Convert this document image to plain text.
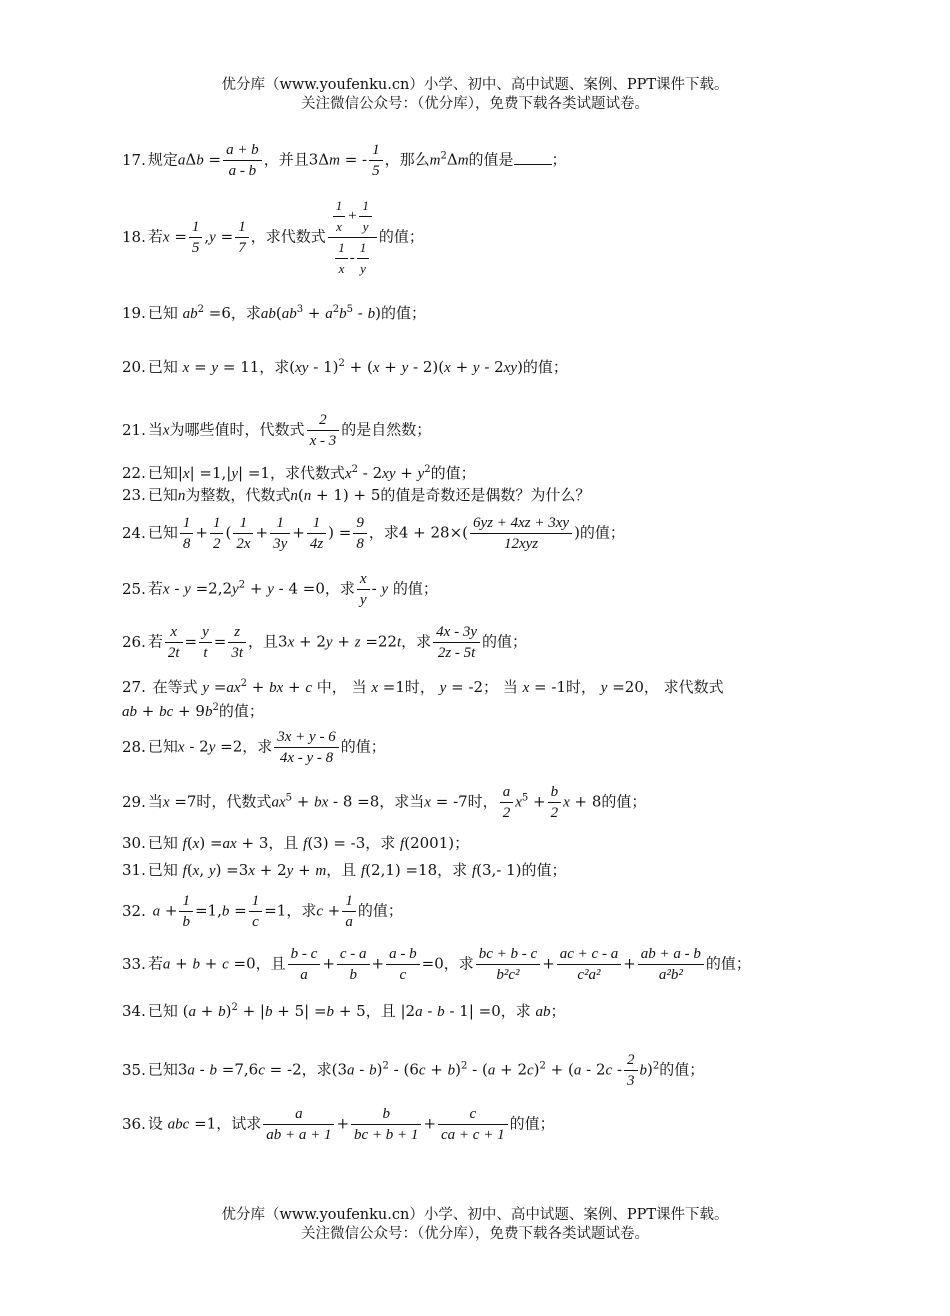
优分库（www.youfenku.cn）小学、初中、高中试题、案例、PPT课件下载。
关注微信公众号：（优分库），免费下载各类试题试卷。
17. 规定$a\Delta b = \frac{a + b}{a - b}$ ，并且3Δm = - $\frac{1}{5}$ ，那么$m^2\Delta m$的值是	；
18. 若$x = \frac{1}{5} ,y = \frac{1}{7}$ ，求代数式 $\frac{\frac{1}{x} + \frac{1}{y}}{\frac{1}{x} - \frac{1}{y}}$ 的值；
19. 已知 $ab^2 =6$，求$ab(ab^3 + a^2b^5 - b)$的值；
20. 已知 x = y = 11，求(xy - 1)$^2$ + (x + y - 2)(x + y - 2xy)的值；
21. 当x为哪些值时，代数式 $\frac{2}{x - 3}$ 的是自然数；
22. 已知|x| =1,|y| =1，求代数式$x^2 - 2xy + y^2$的值；
23. 已知n为整数，代数式n(n + 1) + 5的值是奇数还是偶数？为什么？
24. 已知 $\frac{1}{8} + \frac{1}{2}$ ( $\frac{1}{2x} + \frac{1}{3y} + \frac{1}{4z}$ ) = $\frac{9}{8}$ ，求$4 + 28\times( \frac{6yz + 4xz + 3xy}{\text{12xyz}}$ )的值；
25. 若$x - y =2,2y^2 + y - 4 =0$，求 $\frac{x}{y}$ - y 的值；
26. 若 $\frac{x}{2t} = \frac{y}{t} = \frac{z}{3t}$ ，且3x + 2y + z =22t，求 $\frac{4x - 3y}{2z - 5t}$ 的值；
27. 在等式 $y =ax^2$ + bx + c 中， 当 x =1时， y = -2； 当 x = -1时， y =20， 求代数式
ab + bc + $9b^2$的值；
28. 已知x - 2y =2，求 $\frac{3x + y - 6}{4x - y - 8}$ 的值；
29. 当x =7时，代数式$ax^5$ + bx - 8 =8，求当x = -7时， $\frac{a}{2} x^5 + \frac{b}{2}$ x + 8的值；
30. 已知 f(x) =ax + 3，且 f(3) = -3，求 f(2001)；
31. 已知 f(x, y) =3x + 2y + m，且 f(2,1) =18，求 f(3,- 1)的值；
32. $a + \frac{1}{b} =1,b = \frac{1}{c} =1$，求$c + \frac{1}{a}$ 的值；
33. 若a + b + c =0，且 $\frac{b - c}{a} + \frac{c - a}{b} + \frac{a - b}{c} =0$，求 $\frac{bc + b - c}{\text{b²c²}} + \frac{ac + c - a}{\text{c²a²}} + \frac{ab + a - b}{\text{a²b²}}$ 的值；
34. 已知 $(a + b)^2 + |b + 5| =b + 5$，且 |2a - b - 1| =0，求 ab；
35. 已知3a - b =7,6c = -2，求$(3a - b)^2 - (6c + b)^2 - (a + 2c)^2 + (a - 2c - \frac{2}{3} b)^2$的值；
36. 设 abc =1，试求 $\frac{a}{ab + a + 1} + \frac{b}{bc + b + 1} + \frac{c}{ca + c + 1}$ 的值；
优分库（www.youfenku.cn）小学、初中、高中试题、案例、PPT课件下载。
关注微信公众号：（优分库），免费下载各类试题试卷。
